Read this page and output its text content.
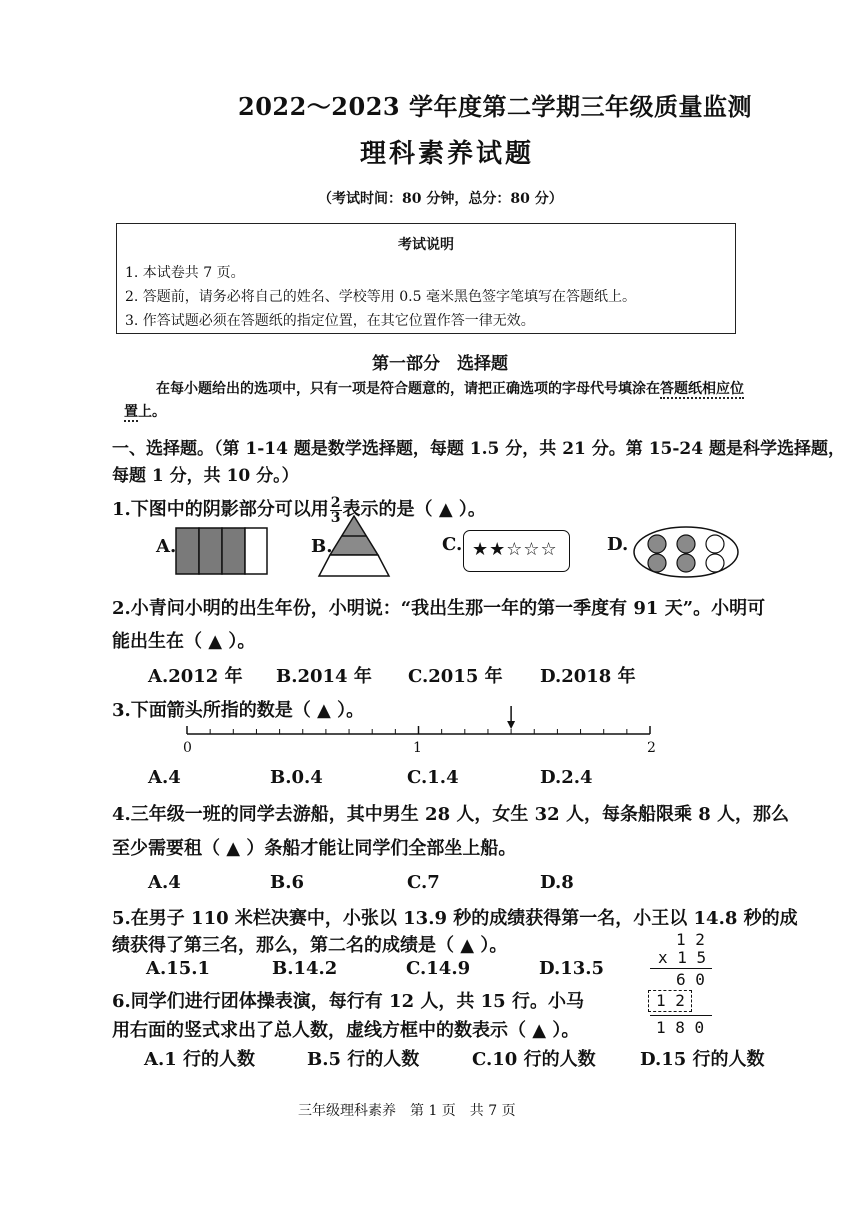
2022～2023 学年度第二学期三年级质量监测
理科素养试题
（考试时间：80 分钟，总分：80 分）
考试说明
1. 本试卷共 7 页。
2. 答题前，请务必将自己的姓名、学校等用 0.5 毫米黑色签字笔填写在答题纸上。
3. 作答试题必须在答题纸的指定位置，在其它位置作答一律无效。
第一部分　选择题
在每小题给出的选项中，只有一项是符合题意的，请把正确选项的字母代号填涂在答题纸相应位
置上。
一、选择题。（第 1-14 题是数学选择题，每题 1.5 分，共 21 分。第 15-24 题是科学选择题，
每题 1 分，共 10 分。）
1.下图中的阴影部分可以用 $\frac{2}{3}$ 表示的是（ ▲ ）。
A.	B.	C. ★★☆☆☆	D.
2.小青问小明的出生年份，小明说：“我出生那一年的第一季度有 91 天”。小明可
能出生在（ ▲ ）。
A.2012 年 B.2014 年 C.2015 年 D.2018 年
3.下面箭头所指的数是（ ▲ ）。
0	1	2
A.4	B.0.4	C.1.4	D.2.4
4.三年级一班的同学去游船，其中男生 28 人，女生 32 人，每条船限乘 8 人，那么
至少需要租（ ▲ ）条船才能让同学们全部坐上船。
A.4	B.6	C.7	D.8
5.在男子 110 米栏决赛中，小张以 13.9 秒的成绩获得第一名，小王以 14.8 秒的成
绩获得了第三名，那么，第二名的成绩是（ ▲ ）。
A.15.1	B.14.2	C.14.9	D.13.5
1 2
x 1 5
6 0
1 2
1 8 0
6.同学们进行团体操表演，每行有 12 人，共 15 行。小马
用右面的竖式求出了总人数，虚线方框中的数表示（ ▲ ）。
A.1 行的人数	B.5 行的人数	C.10 行的人数 D.15 行的人数
三年级理科素养　第 1 页　共 7 页
